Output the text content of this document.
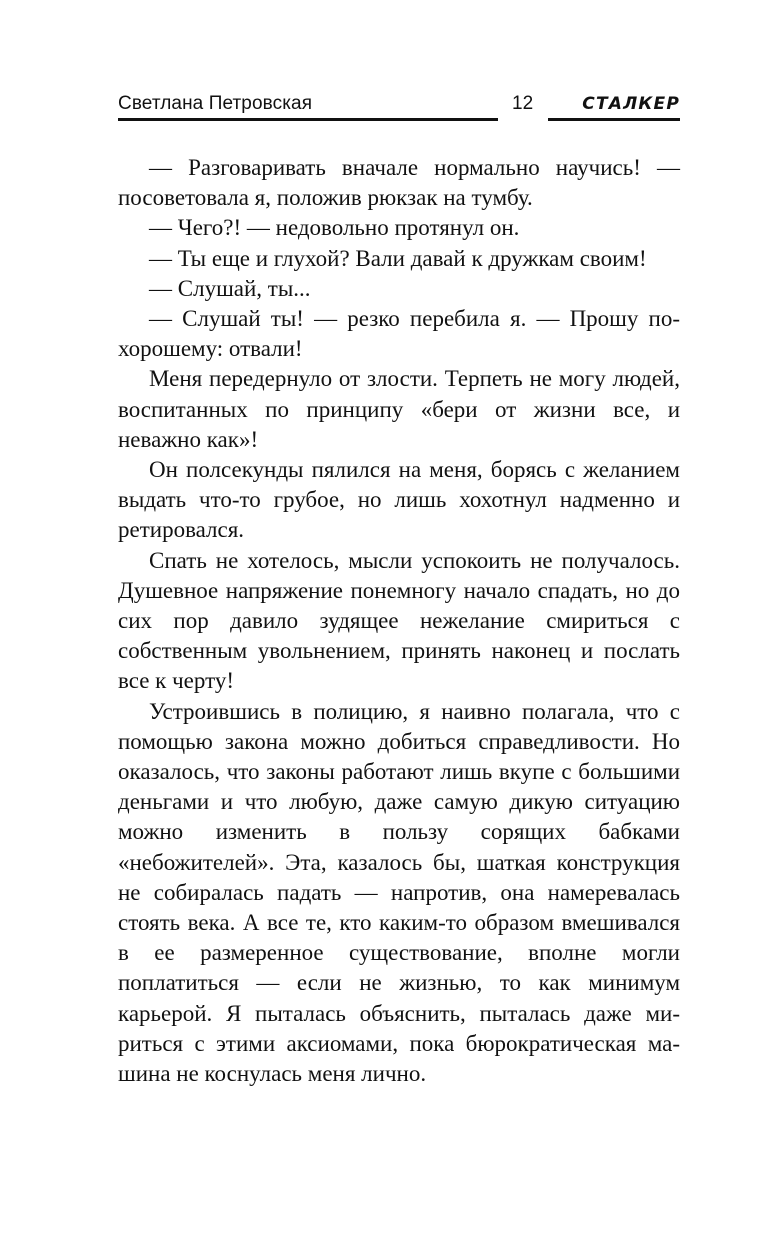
Светлана Петровская	12	СТАЛКЕР

— Разговаривать вначале нормально научись! — посоветовала я, положив рюкзак на тумбу.

— Чего?! — недовольно протянул он.

— Ты еще и глухой? Вали давай к дружкам своим!

— Слушай, ты...

— Слушай ты! — резко перебила я. — Прошу похорошему: отвали!

Меня передернуло от злости. Терпеть не могу людей, воспитанных по принципу «бери от жизни все, и неважно как»!

Он полсекунды пялился на меня, борясь с желанием выдать что-то грубое, но лишь хохотнул надменно и ретировался.

Спать не хотелось, мысли успокоить не получалось. Душевное напряжение понемногу начало спадать, но до сих пор давило зудящее нежелание смириться с собственным увольнением, принять наконец и послать все к черту!

Устроившись в полицию, я наивно полагала, что с помощью закона можно добиться справедливости. Но оказалось, что законы работают лишь вкупе с большими деньгами и что любую, даже самую дикую ситуацию можно изменить в пользу сорящих бабками «небожителей». Эта, казалось бы, шаткая конструкция не собиралась падать — напротив, она намеревалась стоять века. А все те, кто каким-то образом вмешивался в ее размеренное существование, вполне могли поплатиться — если не жизнью, то как минимум карьерой. Я пыталась объяснить, пыталась даже мириться с этими аксиомами, пока бюрократическая машина не коснулась меня лично.
